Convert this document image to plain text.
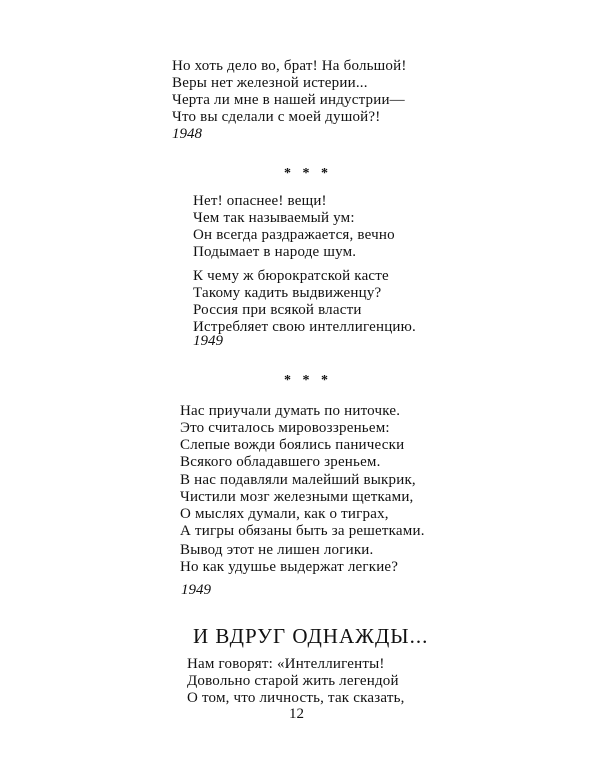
Но хоть дело во, брат! На большой!
Веры нет железной истерии...
Черта ли мне в нашей индустрии—
Что вы сделали с моей душой?!
1948
* * *
Нет! опаснее! вещи!
Чем так называемый ум:
Он всегда раздражается, вечно
Подымает в народе шум.
К чему ж бюрократской касте
Такому кадить выдвиженцу?
Россия при всякой власти
Истребляет свою интеллигенцию.
1949
* * *
Нас приучали думать по ниточке.
Это считалось мировоззреньем:
Слепые вожди боялись панически
Всякого обладавшего зреньем.
В нас подавляли малейший выкрик,
Чистили мозг железными щетками,
О мыслях думали, как о тиграх,
А тигры обязаны быть за решетками.
Вывод этот не лишен логики.
Но как удушье выдержат легкие?
1949
И ВДРУГ ОДНАЖДЫ...
Нам говорят: «Интеллигенты!
Довольно старой жить легендой
О том, что личность, так сказать,
12
